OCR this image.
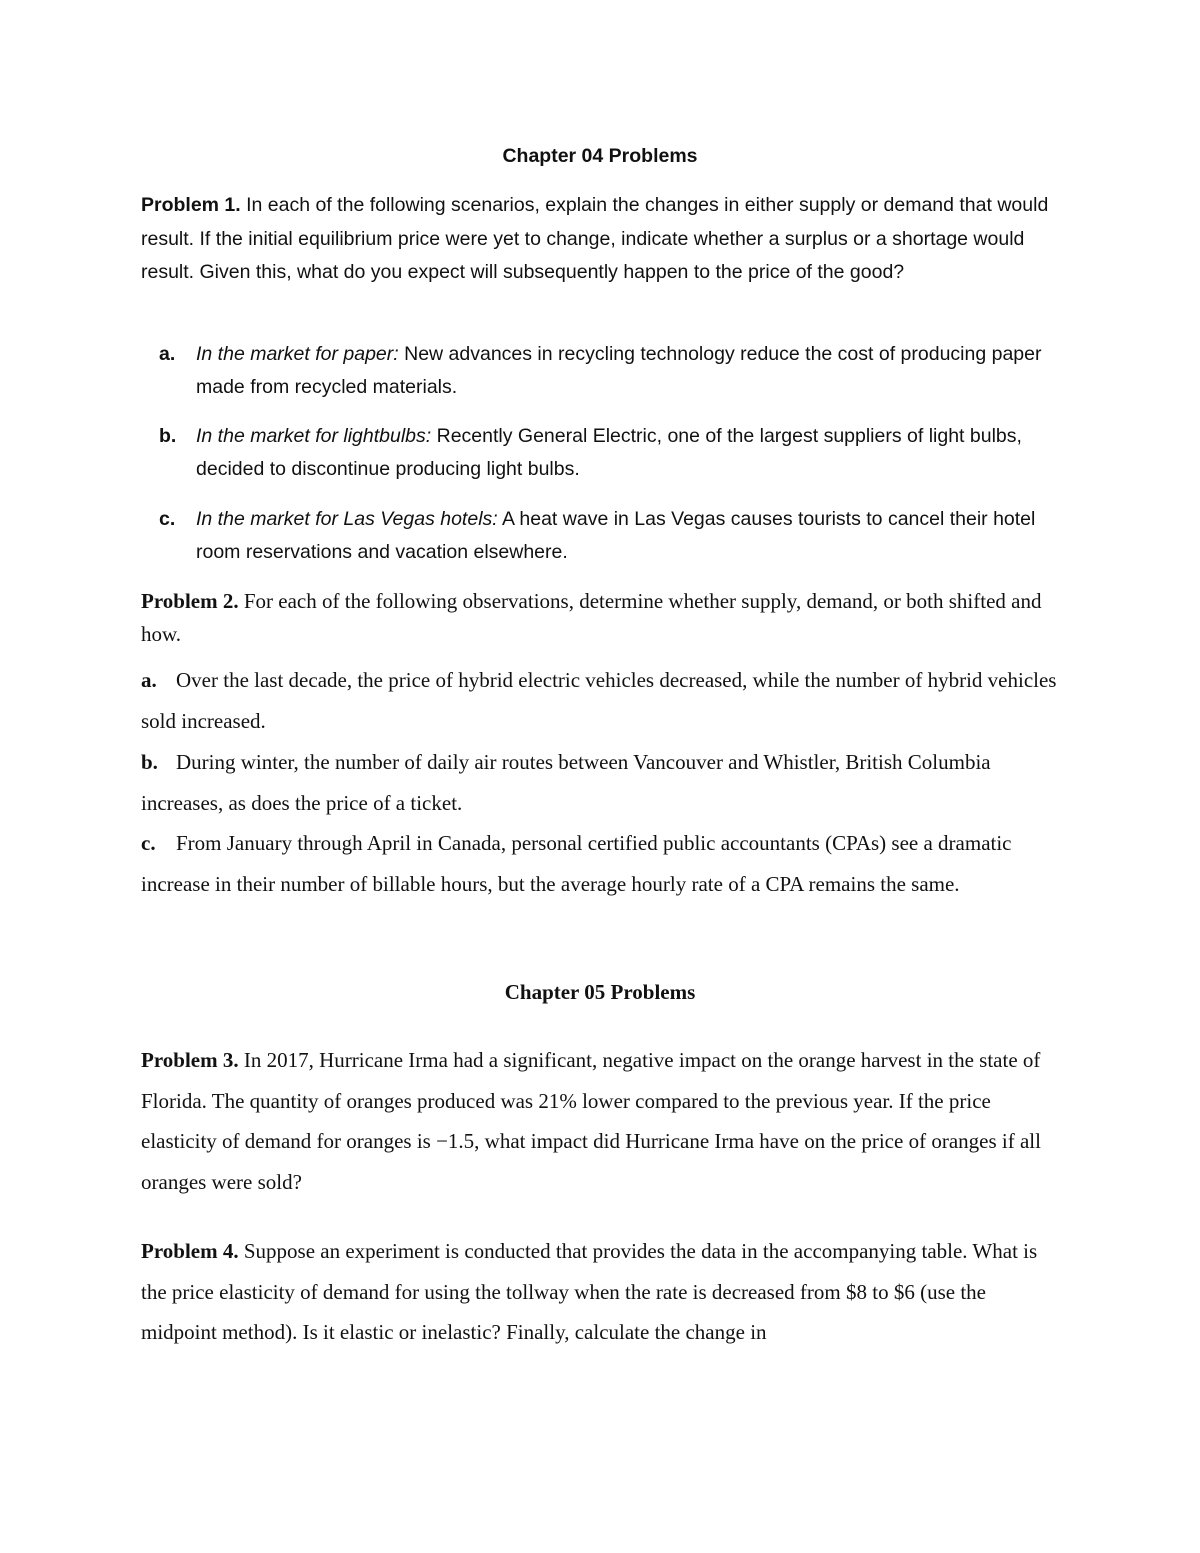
Chapter 04 Problems

Problem 1. In each of the following scenarios, explain the changes in either supply or demand that would result. If the initial equilibrium price were yet to change, indicate whether a surplus or a shortage would result. Given this, what do you expect will subsequently happen to the price of the good?

a. In the market for paper: New advances in recycling technology reduce the cost of producing paper made from recycled materials.
b. In the market for lightbulbs: Recently General Electric, one of the largest suppliers of light bulbs, decided to discontinue producing light bulbs.
c. In the market for Las Vegas hotels: A heat wave in Las Vegas causes tourists to cancel their hotel room reservations and vacation elsewhere.

Problem 2. For each of the following observations, determine whether supply, demand, or both shifted and how.

a. Over the last decade, the price of hybrid electric vehicles decreased, while the number of hybrid vehicles sold increased.

b. During winter, the number of daily air routes between Vancouver and Whistler, British Columbia increases, as does the price of a ticket.

c. From January through April in Canada, personal certified public accountants (CPAs) see a dramatic increase in their number of billable hours, but the average hourly rate of a CPA remains the same.

Chapter 05 Problems

Problem 3. In 2017, Hurricane Irma had a significant, negative impact on the orange harvest in the state of Florida. The quantity of oranges produced was 21% lower compared to the previous year. If the price elasticity of demand for oranges is −1.5, what impact did Hurricane Irma have on the price of oranges if all oranges were sold?

Problem 4. Suppose an experiment is conducted that provides the data in the accompanying table. What is the price elasticity of demand for using the tollway when the rate is decreased from $8 to $6 (use the midpoint method). Is it elastic or inelastic? Finally, calculate the change in
